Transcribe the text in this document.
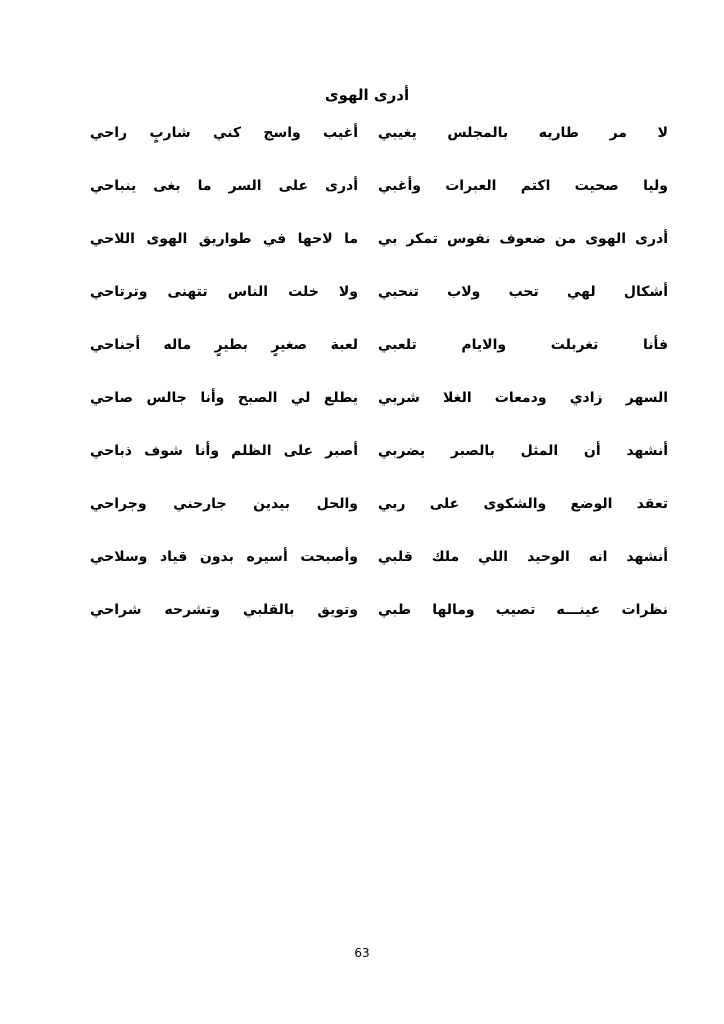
أدرى الهوى
لا مر طاريه بالمجلس يغيبي
أغيب واسج كني شاربٍ راحي
وليا صحيت اكتم العبرات وأغبي
أدرى على السر ما بغى ينباحي
أدرى الهوى من ضعوف نفوس تمكر بي
ما لاحها في طواريق الهوى اللاحي
أشكال لهي تحب ولاب تنحبي
ولا خلت الناس تتهنى وترتاحي
فأنا تغربلت والايام تلعبي
لعبة صغيرٍ بطيرٍ ماله أجناحي
السهر زادي ودمعات الغلا شربي
يطلع لي الصبح وأنا جالس صاحي
أنشهد أن المثل بالصبر يضربي
أصبر على الظلم وأنا شوف ذباحي
تعقد الوضع والشكوى على ربي
والحل بيدين جارحني وجراحي
أنشهد انه الوحيد اللي ملك قلبي
وأصبحت أسيره بدون قياد وسلاحي
نظرات عينـــه تصيب ومالها طبي
وتويق بالقلبي وتشرحه شراحي
63
